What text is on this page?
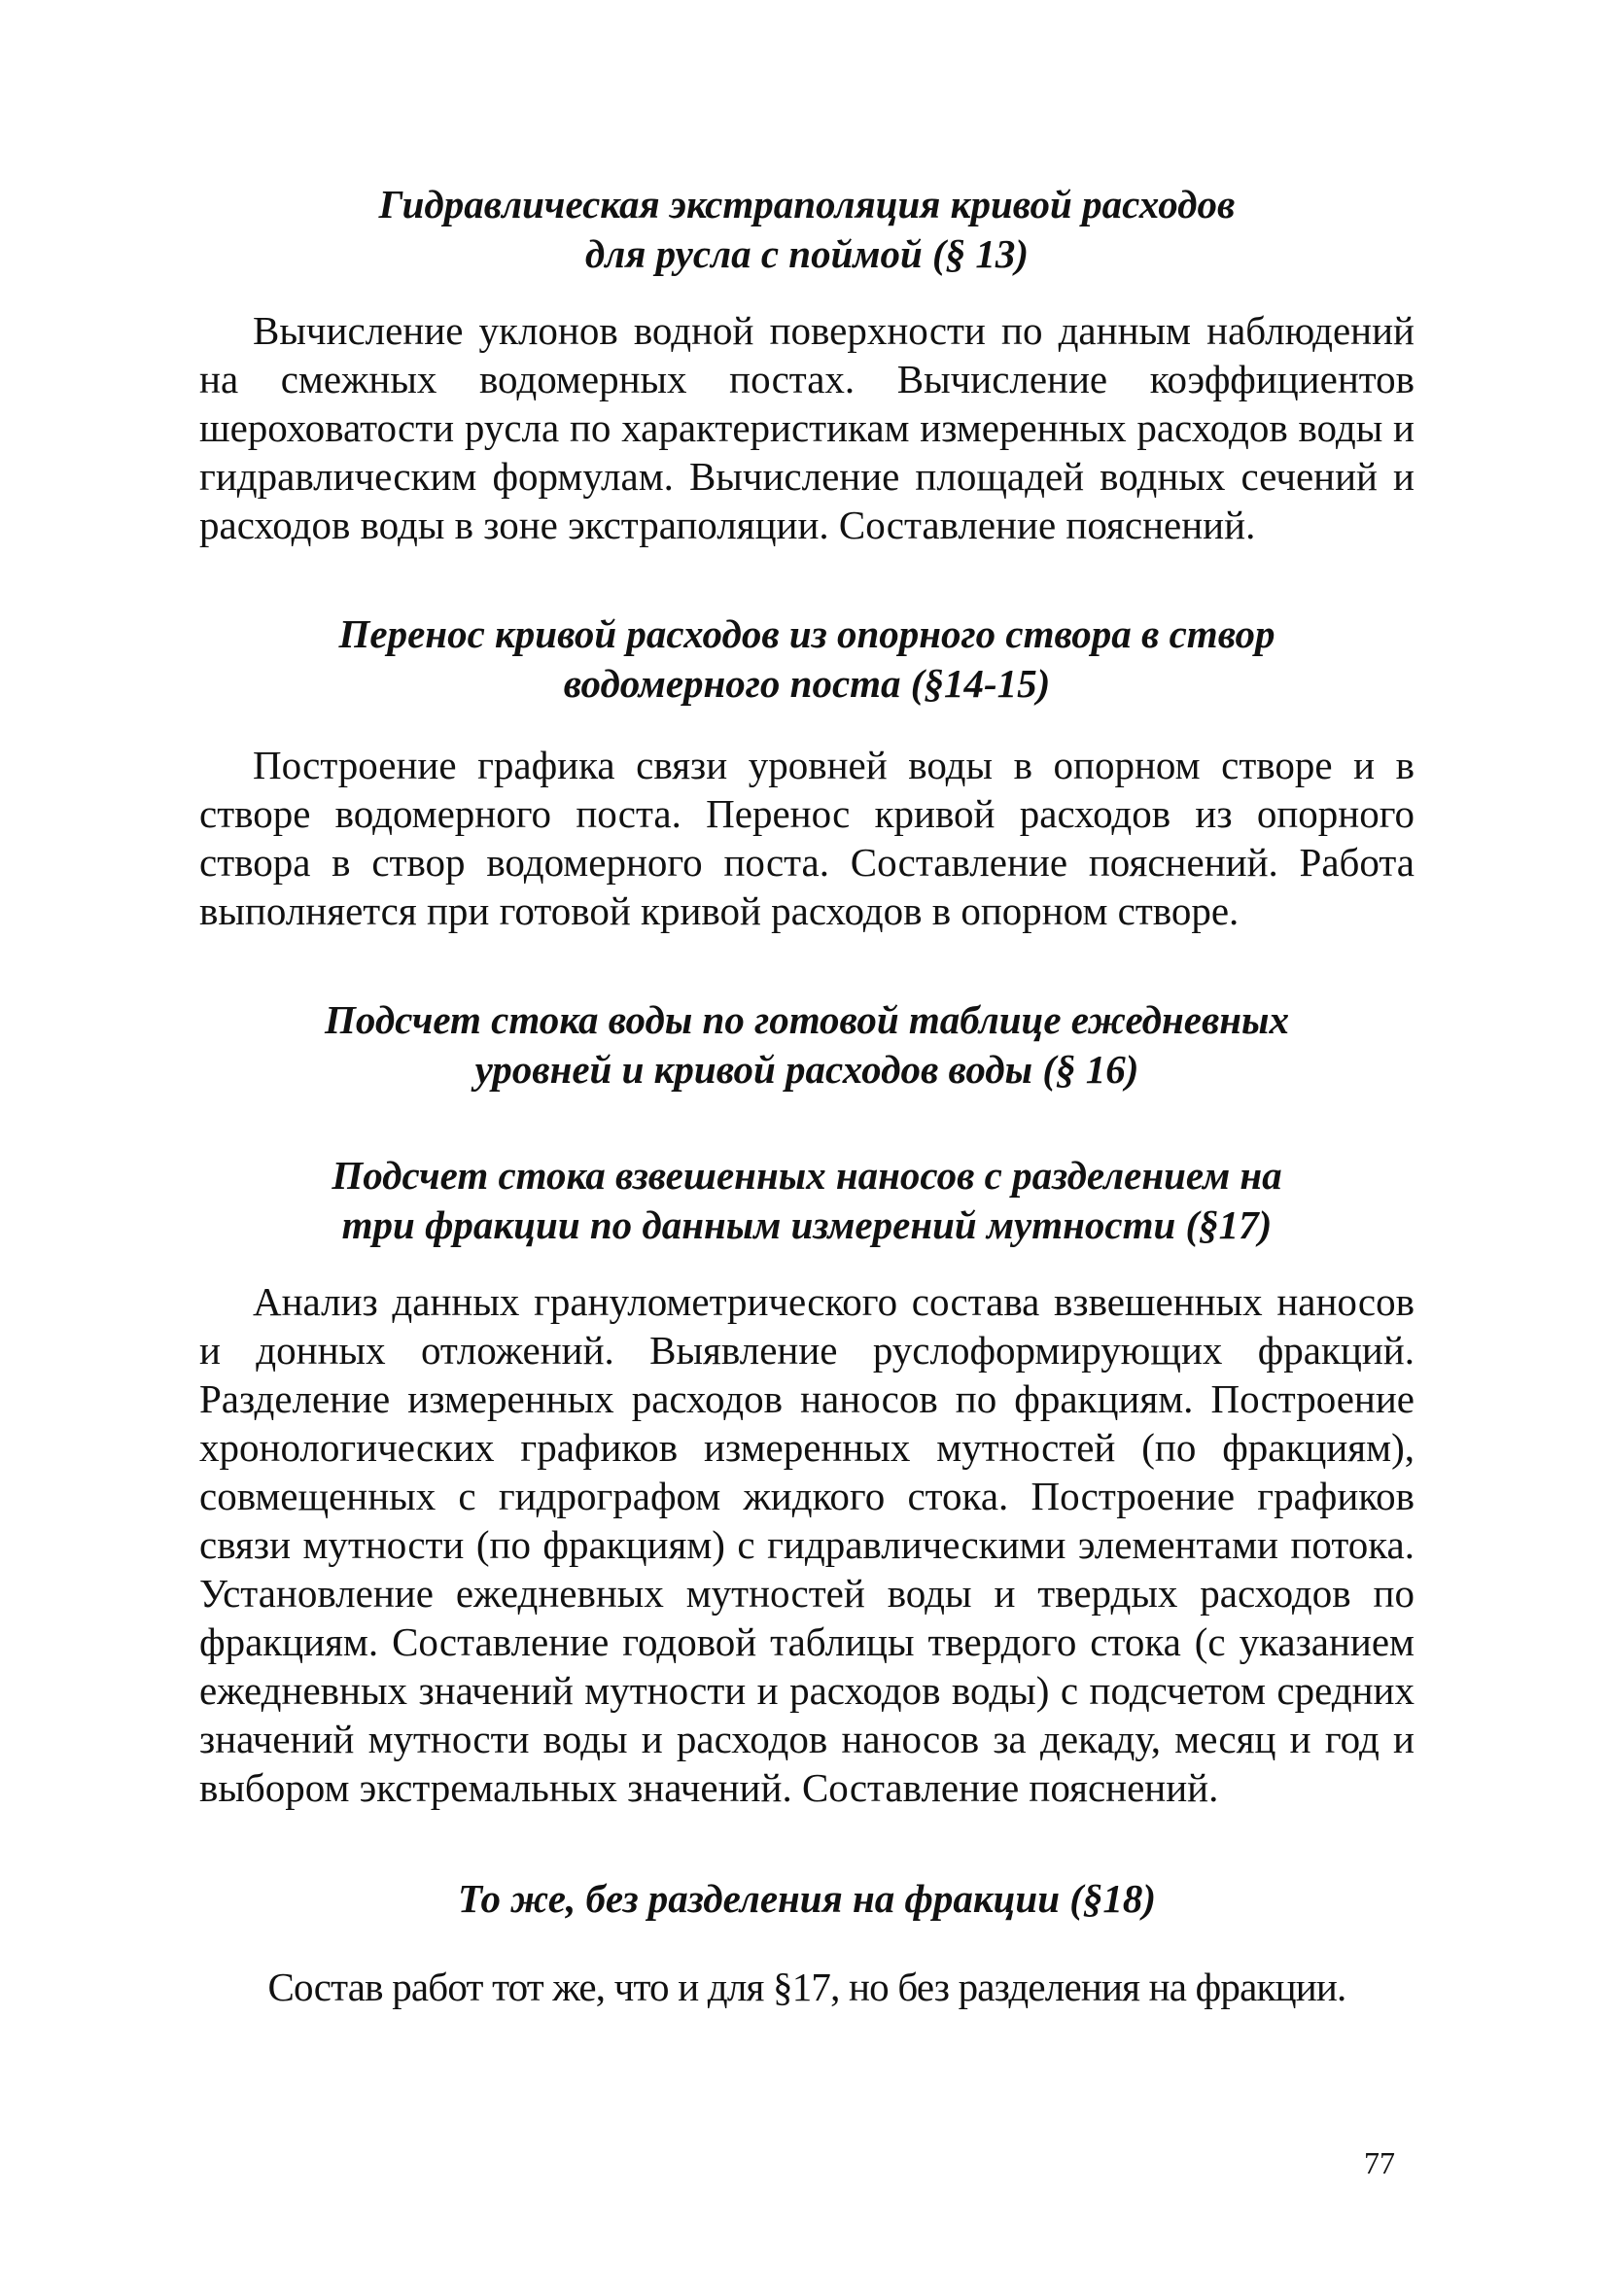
Гидравлическая экстраполяция кривой расходов
для русла с поймой (§ 13)

Вычисление уклонов водной поверхности по данным наблюдений на смежных водомерных постах. Вычисление коэффициентов шероховатости русла по характеристикам измеренных расходов воды и гидравлическим формулам. Вычисление площадей водных сечений и расходов воды в зоне экстраполяции. Составление пояснений.

Перенос кривой расходов из опорного створа в створ
водомерного поста (§14-15)

Построение графика связи уровней воды в опорном створе и в створе водомерного поста. Перенос кривой расходов из опорного створа в створ водомерного поста. Составление пояснений. Работа выполняется при готовой кривой расходов в опорном створе.

Подсчет стока воды по готовой таблице ежедневных
уровней и кривой расходов воды (§ 16)
Подсчет стока взвешенных наносов с разделением на
три фракции по данным измерений мутности (§17)

Анализ данных гранулометрического состава взвешенных наносов и донных отложений. Выявление руслоформирующих фракций. Разделение измеренных расходов наносов по фракциям. Построение хронологических графиков измеренных мутностей (по фракциям), совмещенных с гидрографом жидкого стока. Построение графиков связи мутности (по фракциям) с гидравлическими элементами потока. Установление ежедневных мутностей воды и твердых расходов по фракциям. Составление годовой таблицы твердого стока (с указанием ежедневных значений мутности и расходов воды) с подсчетом средних значений мутности воды и расходов наносов за декаду, месяц и год и выбором экстремальных значений. Составление пояснений.

То же, без разделения на фракции (§18)

Состав работ тот же, что и для §17, но без разделения на фракции.

77
